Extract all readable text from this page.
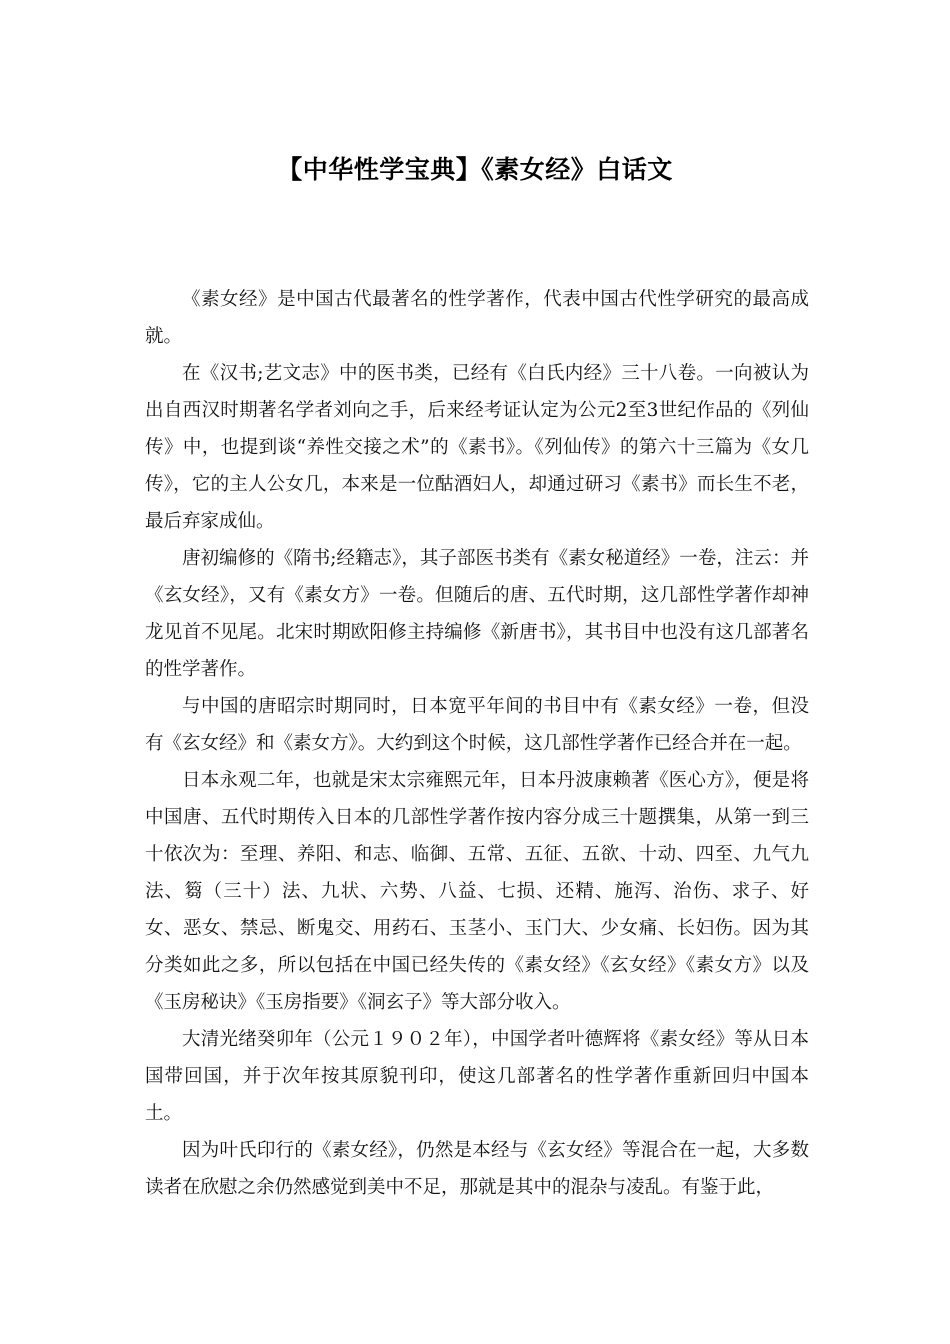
【中华性学宝典】《素女经》白话文

《素女经》是中国古代最著名的性学著作，代表中国古代性学研究的最高成就。

在《汉书;艺文志》中的医书类，已经有《白氏内经》三十八卷。一向被认为出自西汉时期著名学者刘向之手，后来经考证认定为公元2至3世纪作品的《列仙传》中，也提到谈“养性交接之术”的《素书》。《列仙传》的第六十三篇为《女几传》，它的主人公女几，本来是一位酤酒妇人，却通过研习《素书》而长生不老，最后弃家成仙。

唐初编修的《隋书;经籍志》，其子部医书类有《素女秘道经》一卷，注云：并《玄女经》，又有《素女方》一卷。但随后的唐、五代时期，这几部性学著作却神龙见首不见尾。北宋时期欧阳修主持编修《新唐书》，其书目中也没有这几部著名的性学著作。

与中国的唐昭宗时期同时，日本宽平年间的书目中有《素女经》一卷，但没有《玄女经》和《素女方》。大约到这个时候，这几部性学著作已经合并在一起。

日本永观二年，也就是宋太宗雍熙元年，日本丹波康赖著《医心方》，便是将中国唐、五代时期传入日本的几部性学著作按内容分成三十题撰集，从第一到三十依次为：至理、养阳、和志、临御、五常、五征、五欲、十动、四至、九气九法、篘（三十）法、九状、六势、八益、七损、还精、施泻、治伤、求子、好女、恶女、禁忌、断鬼交、用药石、玉茎小、玉门大、少女痛、长妇伤。因为其分类如此之多，所以包括在中国已经失传的《素女经》《玄女经》《素女方》以及《玉房秘诀》《玉房指要》《洞玄子》等大部分收入。

大清光绪癸卯年（公元１９０２年），中国学者叶德辉将《素女经》等从日本国带回国，并于次年按其原貌刊印，使这几部著名的性学著作重新回归中国本土。

因为叶氏印行的《素女经》，仍然是本经与《玄女经》等混合在一起，大多数读者在欣慰之余仍然感觉到美中不足，那就是其中的混杂与凌乱。有鉴于此，
